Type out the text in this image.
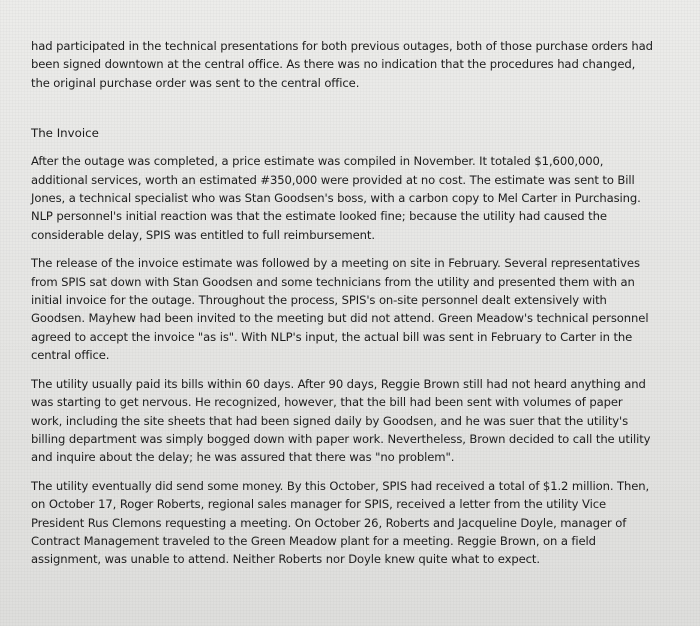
had participated in the technical presentations for both previous outages, both of those purchase orders had been signed downtown at the central office. As there was no indication that the procedures had changed, the original purchase order was sent to the central office.

The Invoice

After the outage was completed, a price estimate was compiled in November. It totaled $1,600,000, additional services, worth an estimated #350,000 were provided at no cost. The estimate was sent to Bill Jones, a technical specialist who was Stan Goodsen's boss, with a carbon copy to Mel Carter in Purchasing. NLP personnel's initial reaction was that the estimate looked fine; because the utility had caused the considerable delay, SPIS was entitled to full reimbursement.

The release of the invoice estimate was followed by a meeting on site in February. Several representatives from SPIS sat down with Stan Goodsen and some technicians from the utility and presented them with an initial invoice for the outage. Throughout the process, SPIS's on-site personnel dealt extensively with Goodsen. Mayhew had been invited to the meeting but did not attend. Green Meadow's technical personnel agreed to accept the invoice "as is". With NLP's input, the actual bill was sent in February to Carter in the central office.

The utility usually paid its bills within 60 days. After 90 days, Reggie Brown still had not heard anything and was starting to get nervous. He recognized, however, that the bill had been sent with volumes of paper work, including the site sheets that had been signed daily by Goodsen, and he was suer that the utility's billing department was simply bogged down with paper work. Nevertheless, Brown decided to call the utility and inquire about the delay; he was assured that there was "no problem".

The utility eventually did send some money. By this October, SPIS had received a total of $1.2 million. Then, on October 17, Roger Roberts, regional sales manager for SPIS, received a letter from the utility Vice President Rus Clemons requesting a meeting. On October 26, Roberts and Jacqueline Doyle, manager of Contract Management traveled to the Green Meadow plant for a meeting. Reggie Brown, on a field assignment, was unable to attend. Neither Roberts nor Doyle knew quite what to expect.
